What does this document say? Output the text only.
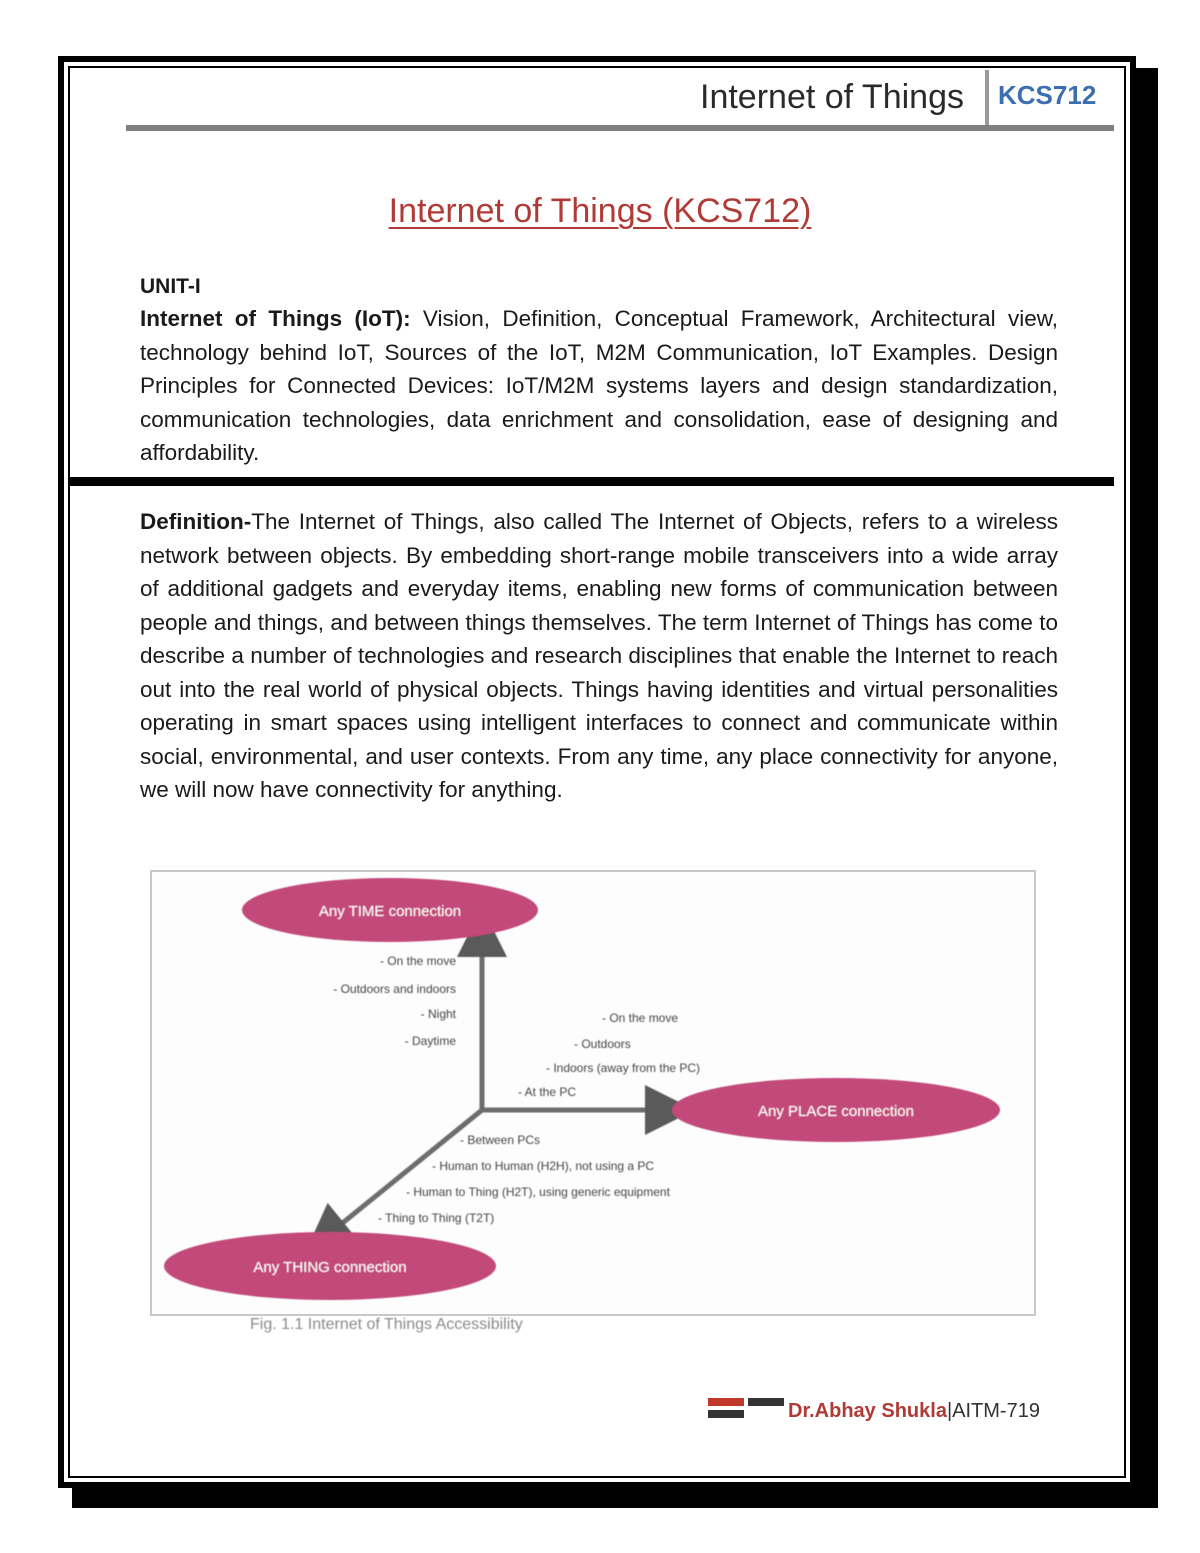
Internet of Things KCS712
Internet of Things (KCS712)
UNIT-I

Internet of Things (IoT): Vision, Definition, Conceptual Framework, Architectural view, technology behind IoT, Sources of the IoT, M2M Communication, IoT Examples. Design Principles for Connected Devices: IoT/M2M systems layers and design standardization, communication technologies, data enrichment and consolidation, ease of designing and affordability.

Definition-The Internet of Things, also called The Internet of Objects, refers to a wireless network between objects. By embedding short-range mobile transceivers into a wide array of additional gadgets and everyday items, enabling new forms of communication between people and things, and between things themselves. The term Internet of Things has come to describe a number of technologies and research disciplines that enable the Internet to reach out into the real world of physical objects. Things having identities and virtual personalities operating in smart spaces using intelligent interfaces to connect and communicate within social, environmental, and user contexts. From any time, any place connectivity for anyone, we will now have connectivity for anything.

Any TIME connection
Any PLACE connection
Any THING connection
- On the move
- Outdoors and indoors
- Night
- Daytime
- On the move
- Outdoors
- Indoors (away from the PC)
- At the PC
- Between PCs
- Human to Human (H2H), not using a PC
- Human to Thing (H2T), using generic equipment
- Thing to Thing (T2T)
Fig. 1.1 Internet of Things Accessibility
Dr.Abhay Shukla|AITM-719
